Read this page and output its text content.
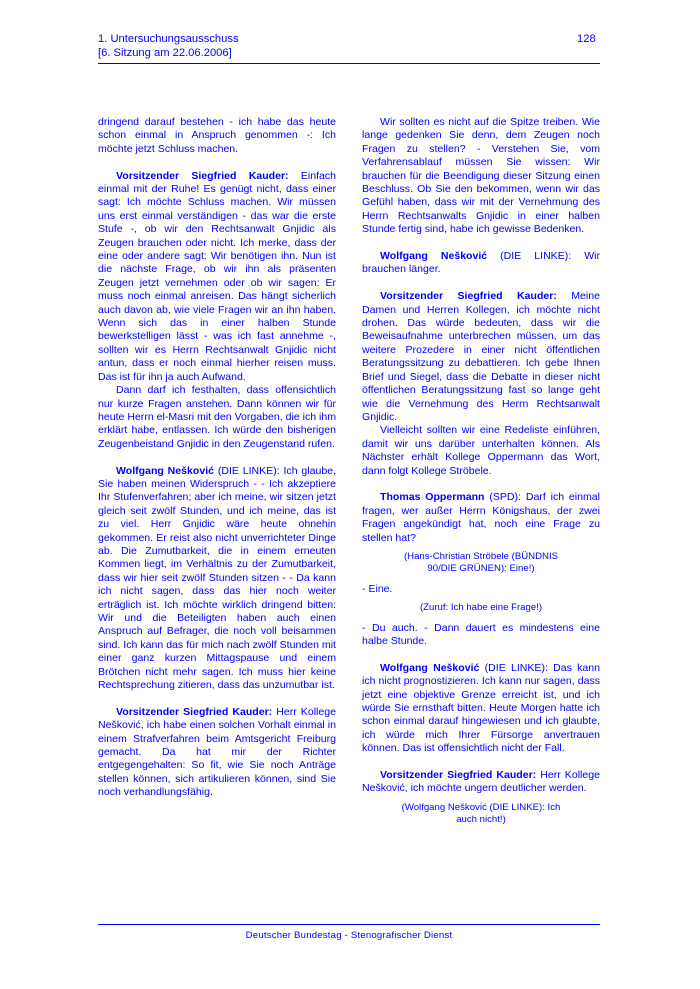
1. Untersuchungsausschuss
[6. Sitzung am 22.06.2006]
128

dringend darauf bestehen - ich habe das heute schon einmal in Anspruch genommen -: Ich möchte jetzt Schluss machen.

Vorsitzender Siegfried Kauder: Einfach einmal mit der Ruhe! Es genügt nicht, dass einer sagt: Ich möchte Schluss machen. Wir müssen uns erst einmal verständigen - das war die erste Stufe -, ob wir den Rechtsanwalt Gnjidic als Zeugen brauchen oder nicht. Ich merke, dass der eine oder andere sagt: Wir benötigen ihn. Nun ist die nächste Frage, ob wir ihn als präsenten Zeugen jetzt vernehmen oder ob wir sagen: Er muss noch einmal anreisen. Das hängt sicherlich auch davon ab, wie viele Fragen wir an ihn haben. Wenn sich das in einer halben Stunde bewerkstelligen lässt - was ich fast annehme -, sollten wir es Herrn Rechtsanwalt Gnjidic nicht antun, dass er noch einmal hierher reisen muss. Das ist für ihn ja auch Aufwand.

Dann darf ich festhalten, dass offensichtlich nur kurze Fragen anstehen. Dann können wir für heute Herrn el-Masri mit den Vorgaben, die ich ihm erklärt habe, entlassen. Ich würde den bisherigen Zeugenbeistand Gnjidic in den Zeugenstand rufen.

Wolfgang Nešković (DIE LINKE): Ich glaube, Sie haben meinen Widerspruch - - Ich akzeptiere Ihr Stufenverfahren; aber ich meine, wir sitzen jetzt gleich seit zwölf Stunden, und ich meine, das ist zu viel. Herr Gnjidic wäre heute ohnehin gekommen. Er reist also nicht unverrichteter Dinge ab. Die Zumutbarkeit, die in einem erneuten Kommen liegt, im Verhältnis zu der Zumutbarkeit, dass wir hier seit zwölf Stunden sitzen - - Da kann ich nicht sagen, dass das hier noch weiter erträglich ist. Ich möchte wirklich dringend bitten: Wir und die Beteiligten haben auch einen Anspruch auf Befrager, die noch voll beisammen sind. Ich kann das für mich nach zwölf Stunden mit einer ganz kurzen Mittagspause und einem Brötchen nicht mehr sagen. Ich muss hier keine Rechtsprechung zitieren, dass das unzumutbar ist.

Vorsitzender Siegfried Kauder: Herr Kollege Nešković, ich habe einen solchen Vorhalt einmal in einem Strafverfahren beim Amtsgericht Freiburg gemacht. Da hat mir der Richter entgegengehalten: So fit, wie Sie noch Anträge stellen können, sich artikulieren können, sind Sie noch verhandlungsfähig.

Wir sollten es nicht auf die Spitze treiben. Wie lange gedenken Sie denn, dem Zeugen noch Fragen zu stellen? - Verstehen Sie, vom Verfahrensablauf müssen Sie wissen: Wir brauchen für die Beendigung dieser Sitzung einen Beschluss. Ob Sie den bekommen, wenn wir das Gefühl haben, dass wir mit der Vernehmung des Herrn Rechtsanwalts Gnjidic in einer halben Stunde fertig sind, habe ich gewisse Bedenken.

Wolfgang Nešković (DIE LINKE): Wir brauchen länger.

Vorsitzender Siegfried Kauder: Meine Damen und Herren Kollegen, ich möchte nicht drohen. Das würde bedeuten, dass wir die Beweisaufnahme unterbrechen müssen, um das weitere Prozedere in einer nicht öffentlichen Beratungssitzung zu debattieren. Ich gebe Ihnen Brief und Siegel, dass die Debatte in dieser nicht öffentlichen Beratungssitzung fast so lange geht wie die Vernehmung des Herrn Rechtsanwalt Gnjidic.

Vielleicht sollten wir eine Redeliste einführen, damit wir uns darüber unterhalten können. Als Nächster erhält Kollege Oppermann das Wort, dann folgt Kollege Ströbele.

Thomas Oppermann (SPD): Darf ich einmal fragen, wer außer Herrn Königshaus, der zwei Fragen angekündigt hat, noch eine Frage zu stellen hat?

(Hans-Christian Ströbele (BÜNDNIS 90/DIE GRÜNEN): Eine!)

- Eine.

(Zuruf: Ich habe eine Frage!)

- Du auch. - Dann dauert es mindestens eine halbe Stunde.

Wolfgang Nešković (DIE LINKE): Das kann ich nicht prognostizieren. Ich kann nur sagen, dass jetzt eine objektive Grenze erreicht ist, und ich würde Sie ernsthaft bitten. Heute Morgen hatte ich schon einmal darauf hingewiesen und ich glaubte, ich würde mich Ihrer Fürsorge anvertrauen können. Das ist offensichtlich nicht der Fall.

Vorsitzender Siegfried Kauder: Herr Kollege Nešković, ich möchte ungern deutlicher werden.

(Wolfgang Nešković (DIE LINKE): Ich auch nicht!)

Deutscher Bundestag - Stenografischer Dienst
